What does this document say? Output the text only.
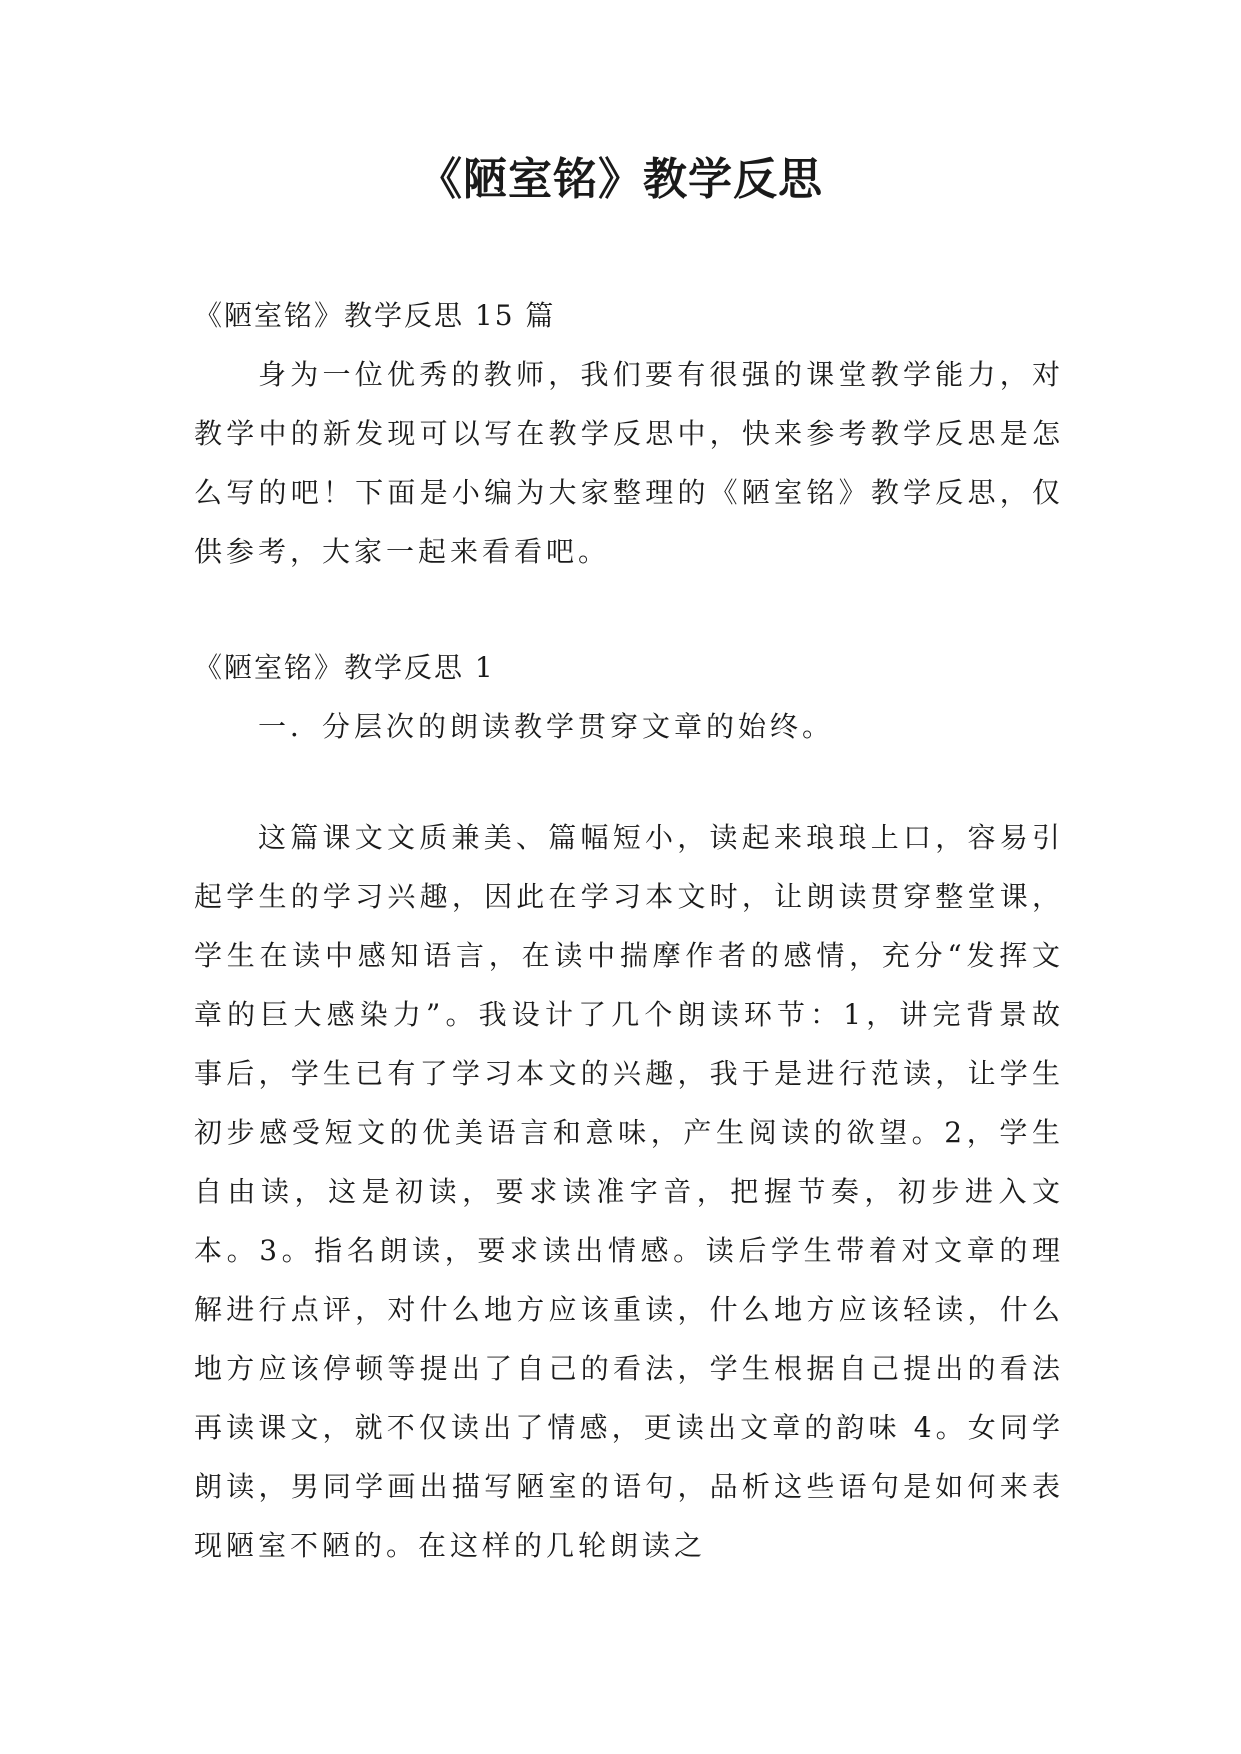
《陋室铭》教学反思

《陋室铭》教学反思 15 篇

身为一位优秀的教师，我们要有很强的课堂教学能力，对教学中的新发现可以写在教学反思中，快来参考教学反思是怎么写的吧！下面是小编为大家整理的《陋室铭》教学反思，仅供参考，大家一起来看看吧。

《陋室铭》教学反思 1

一．分层次的朗读教学贯穿文章的始终。

这篇课文文质兼美、篇幅短小，读起来琅琅上口，容易引起学生的学习兴趣，因此在学习本文时，让朗读贯穿整堂课，学生在读中感知语言，在读中揣摩作者的感情，充分“发挥文章的巨大感染力”。我设计了几个朗读环节：1，讲完背景故事后，学生已有了学习本文的兴趣，我于是进行范读，让学生初步感受短文的优美语言和意味，产生阅读的欲望。2，学生自由读，这是初读，要求读准字音，把握节奏，初步进入文本。3。指名朗读，要求读出情感。读后学生带着对文章的理解进行点评，对什么地方应该重读，什么地方应该轻读，什么地方应该停顿等提出了自己的看法，学生根据自己提出的看法再读课文，就不仅读出了情感，更读出文章的韵味 4。女同学朗读，男同学画出描写陋室的语句，品析这些语句是如何来表现陋室不陋的。在这样的几轮朗读之
